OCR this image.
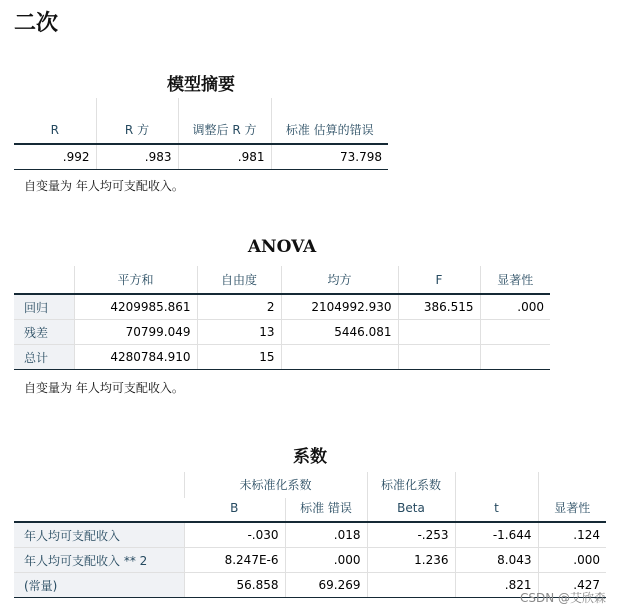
二次
模型摘要
R	R 方	调整后 R 方	标准 估算的错误
.992	.983	.981	73.798
自变量为 年人均可支配收入。
ANOVA
	平方和	自由度	均方	F	显著性
回归	4209985.861	2	2104992.930	386.515	.000
残差	70799.049	13	5446.081		
总计	4280784.910	15			
自变量为 年人均可支配收入。
系数
	未标准化系数		标准化系数	t	显著性
	B	标准 错误	Beta		
年人均可支配收入	-.030	.018	-.253	-1.644	.124
年人均可支配收入 ** 2	8.247E-6	.000	1.236	8.043	.000
(常量)	56.858	69.269		.821	.427
CSDN @艾欣森
